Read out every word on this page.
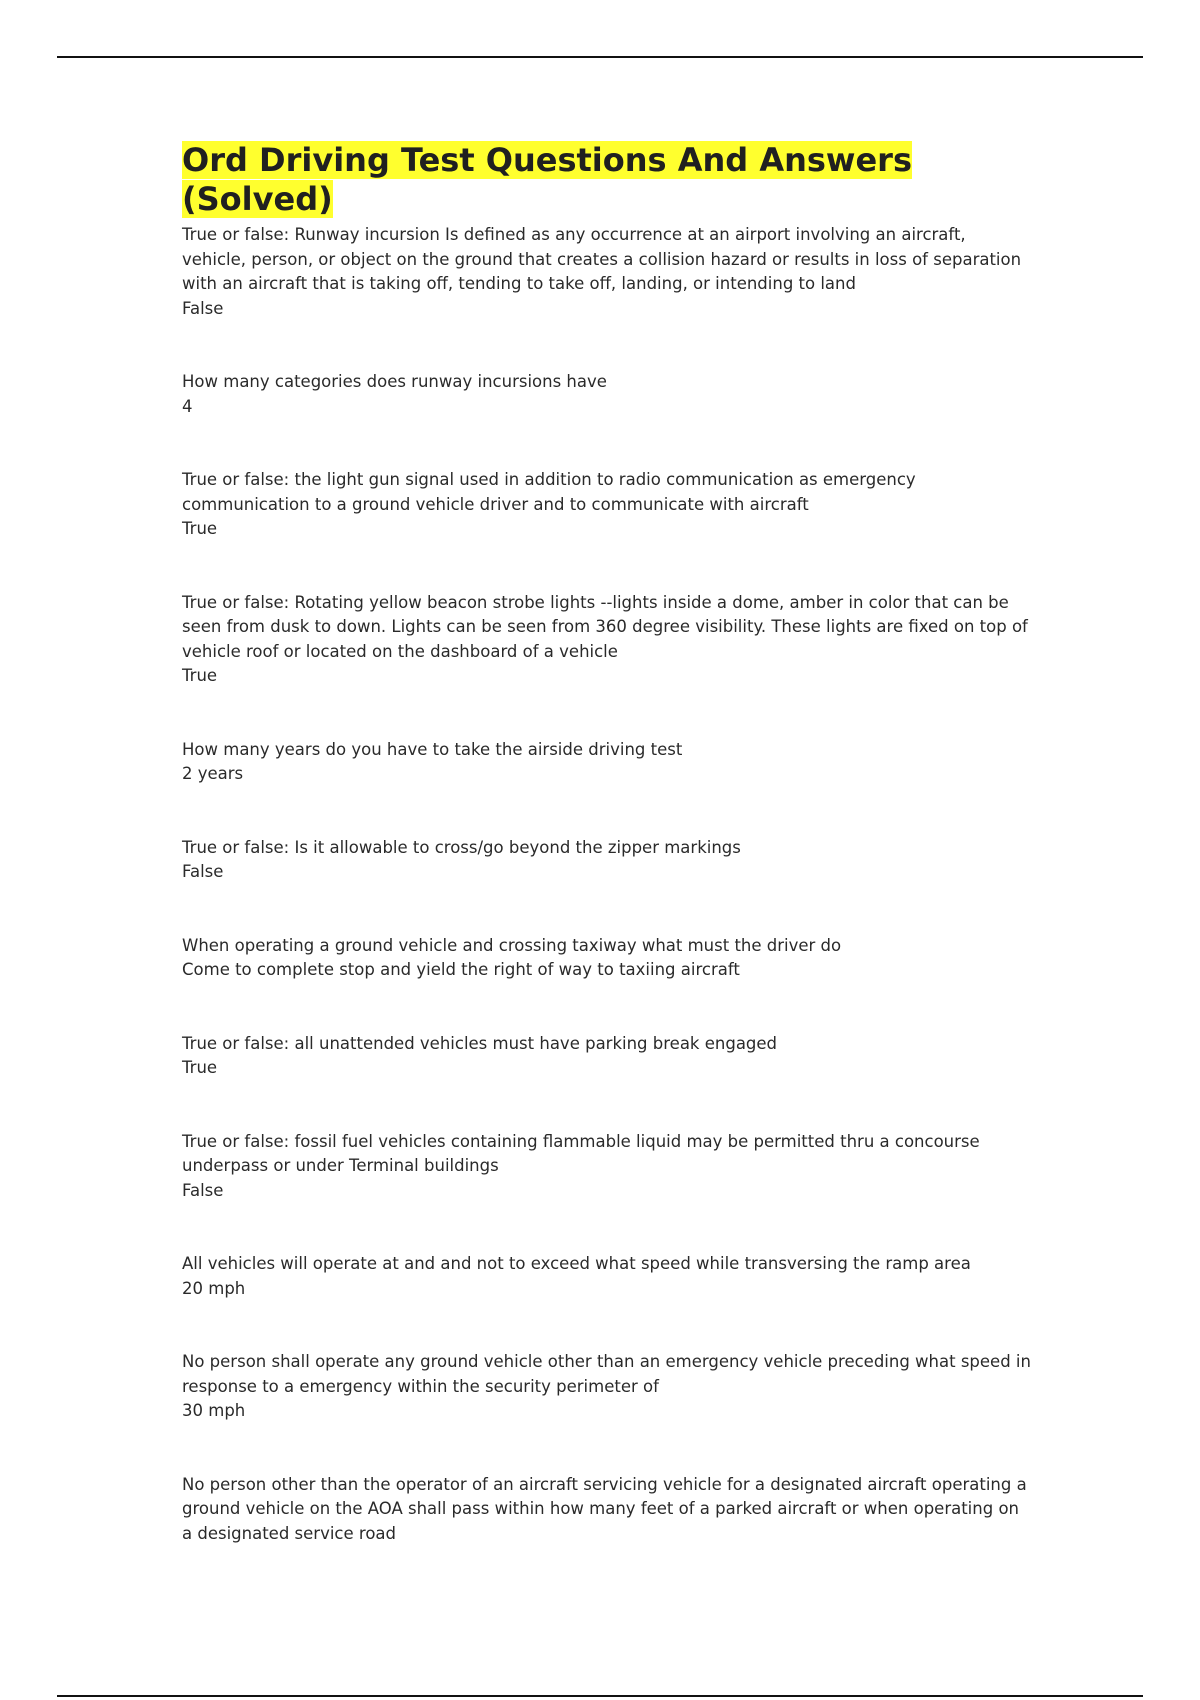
Ord Driving Test Questions And Answers (Solved)
True or false: Runway incursion Is defined as any occurrence at an airport involving an aircraft, vehicle, person, or object on the ground that creates a collision hazard or results in loss of separation with an aircraft that is taking off, tending to take off, landing, or intending to land
False
How many categories does runway incursions have
4
True or false: the light gun signal used in addition to radio communication as emergency communication to a ground vehicle driver and to communicate with aircraft
True
True or false: Rotating yellow beacon strobe lights --lights inside a dome, amber in color that can be seen from dusk to down. Lights can be seen from 360 degree visibility. These lights are fixed on top of vehicle roof or located on the dashboard of a vehicle
True
How many years do you have to take the airside driving test
2 years
True or false: Is it allowable to cross/go beyond the zipper markings
False
When operating a ground vehicle and crossing taxiway what must the driver do
Come to complete stop and yield the right of way to taxiing aircraft
True or false: all unattended vehicles must have parking break engaged
True
True or false: fossil fuel vehicles containing flammable liquid may be permitted thru a concourse underpass or under Terminal buildings
False
All vehicles will operate at and and not to exceed what speed while transversing the ramp area
20 mph
No person shall operate any ground vehicle other than an emergency vehicle preceding what speed in response to a emergency within the security perimeter of
30 mph
No person other than the operator of an aircraft servicing vehicle for a designated aircraft operating a ground vehicle on the AOA shall pass within how many feet of a parked aircraft or when operating on a designated service road
